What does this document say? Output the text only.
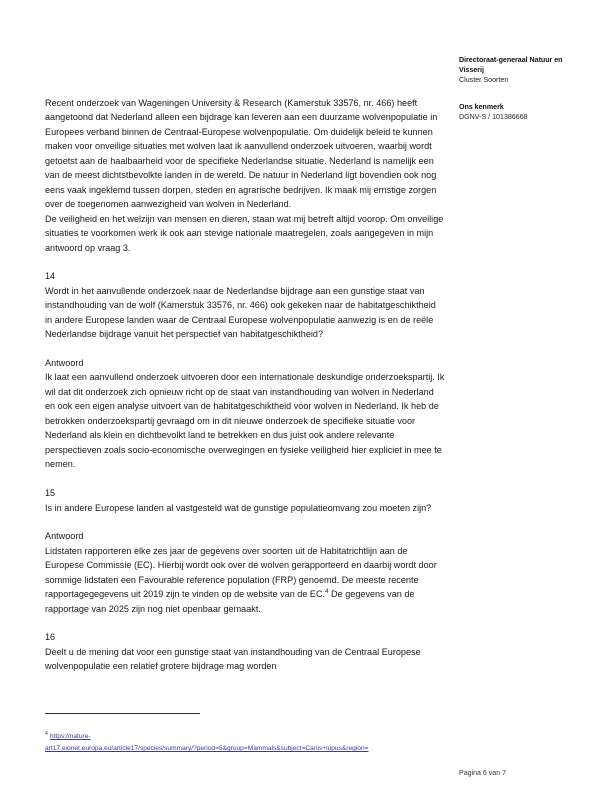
Directoraat-generaal Natuur en Visserij
Cluster Soorten
Ons kenmerk
DGNV-S / 101386668

Recent onderzoek van Wageningen University & Research (Kamerstuk 33576, nr. 466) heeft aangetoond dat Nederland alleen een bijdrage kan leveren aan een duurzame wolvenpopulatie in Europees verband binnen de Centraal-Europese wolvenpopulatie. Om duidelijk beleid te kunnen maken voor onveilige situaties met wolven laat ik aanvullend onderzoek uitvoeren, waarbij wordt getoetst aan de haalbaarheid voor de specifieke Nederlandse situatie. Nederland is namelijk een van de meest dichtstbevolkte landen in de wereld. De natuur in Nederland ligt bovendien ook nog eens vaak ingeklemd tussen dorpen, steden en agrarische bedrijven. Ik maak mij ernstige zorgen over de toegenomen aanwezigheid van wolven in Nederland.

De veiligheid en het welzijn van mensen en dieren, staan wat mij betreft altijd voorop. Om onveilige situaties te voorkomen werk ik ook aan stevige nationale maatregelen, zoals aangegeven in mijn antwoord op vraag 3.

14

Wordt in het aanvullende onderzoek naar de Nederlandse bijdrage aan een gunstige staat van instandhouding van de wolf (Kamerstuk 33576, nr. 466) ook gekeken naar de habitatgeschiktheid in andere Europese landen waar de Centraal Europese wolvenpopulatie aanwezig is en de reële Nederlandse bijdrage vanuit het perspectief van habitatgeschiktheid?

Antwoord

Ik laat een aanvullend onderzoek uitvoeren door een internationale deskundige onderzoekspartij. Ik wil dat dit onderzoek zich opnieuw richt op de staat van instandhouding van wolven in Nederland en ook een eigen analyse uitvoert van de habitatgeschiktheid voor wolven in Nederland. Ik heb de betrokken onderzoekspartij gevraagd om in dit nieuwe onderzoek de specifieke situatie voor Nederland als klein en dichtbevolkt land te betrekken en dus juist ook andere relevante perspectieven zoals socio-economische overwegingen en fysieke veiligheid hier expliciet in mee te nemen.

15

Is in andere Europese landen al vastgesteld wat de gunstige populatieomvang zou moeten zijn?

Antwoord

Lidstaten rapporteren elke zes jaar de gegevens over soorten uit de Habitatrichtlijn aan de Europese Commissie (EC). Hierbij wordt ook over de wolven gerapporteerd en daarbij wordt door sommige lidstaten een Favourable reference population (FRP) genoemd. De meeste recente rapportagegegevens uit 2019 zijn te vinden op de website van de EC.$^4$ De gegevens van de rapportage van 2025 zijn nog niet openbaar gemaakt.

16

Deelt u de mening dat voor een gunstige staat van instandhouding van de Centraal Europese wolvenpopulatie een relatief grotere bijdrage mag worden

$^4$ https://nature-
art17.eionet.europa.eu/article17/species/summary/?period=5&group=Mammals&subject=Canis+lupus&region=
Pagina 6 van 7
